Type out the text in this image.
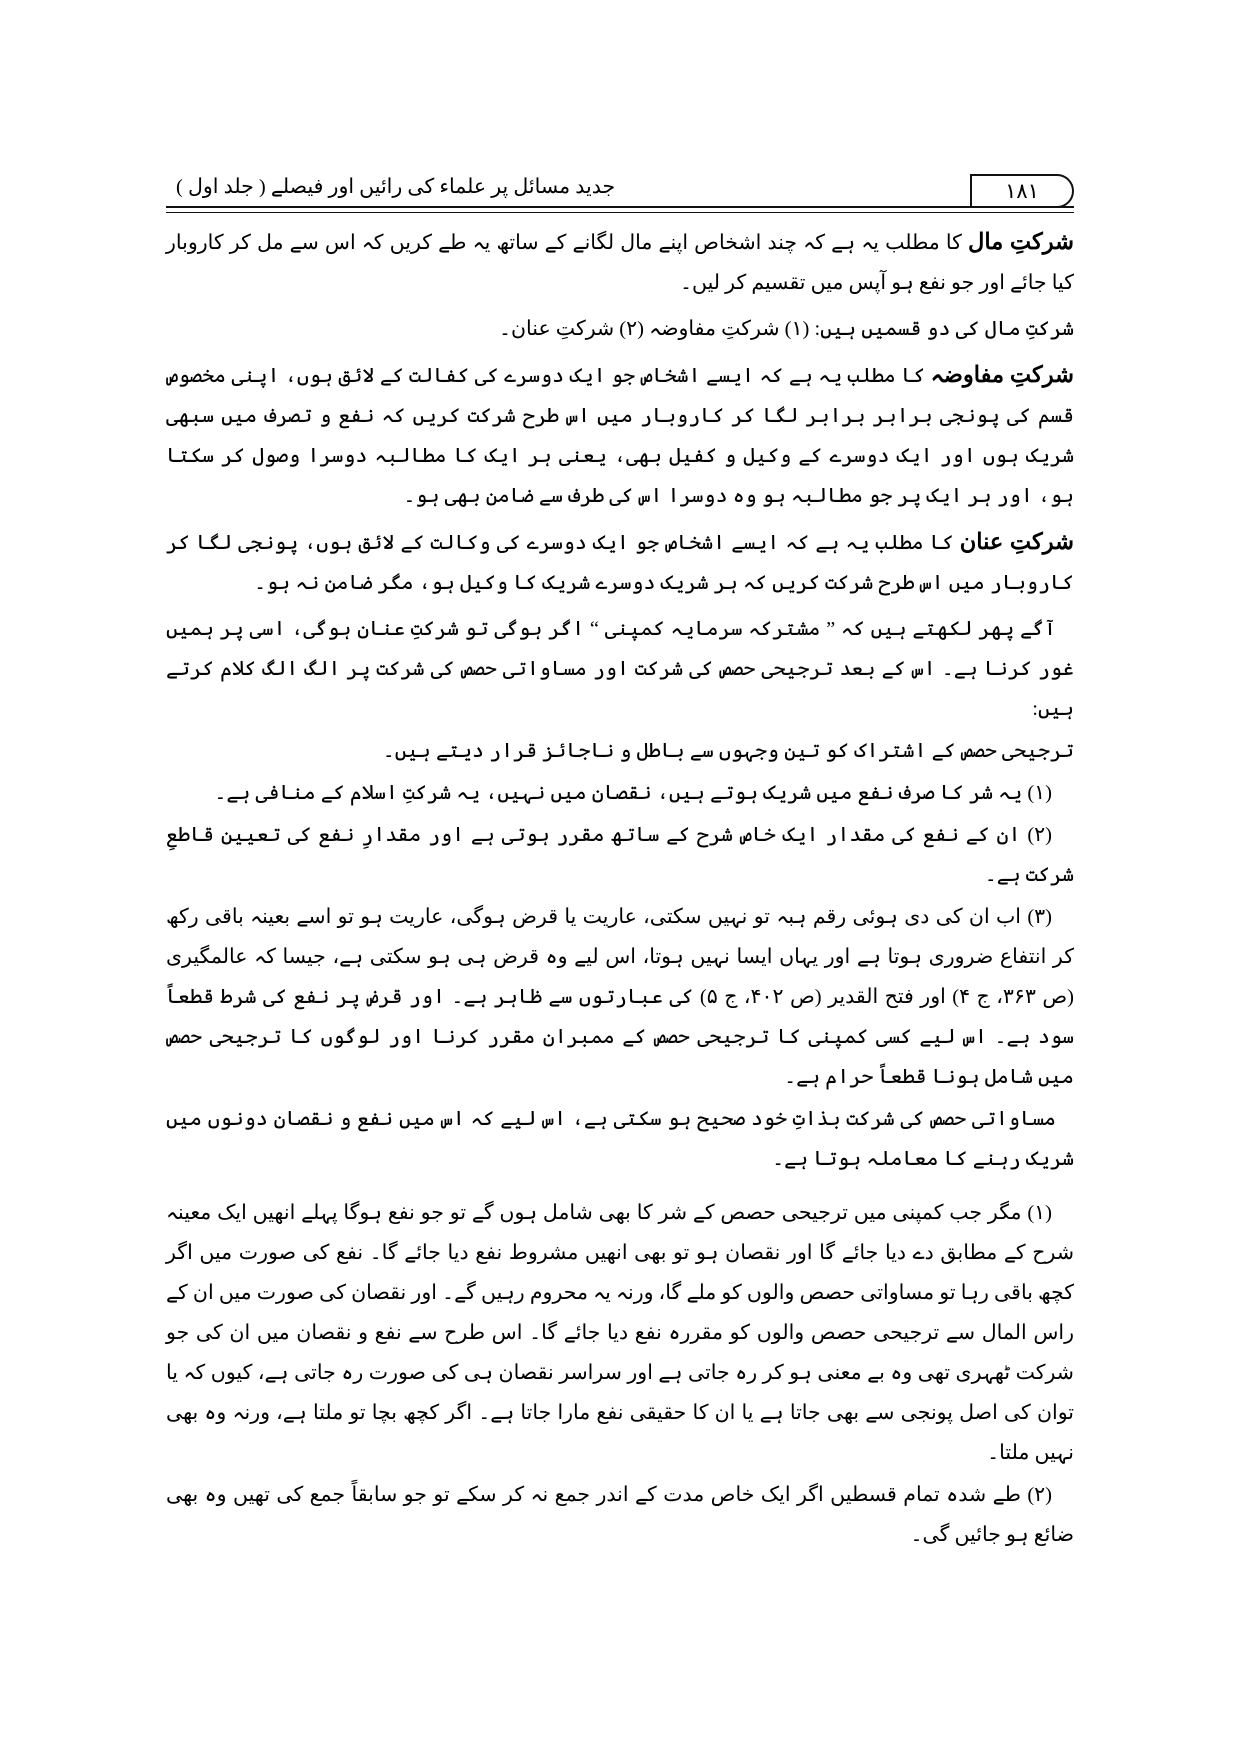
۱۸۱
جدید مسائل پر علماء کی رائیں اور فیصلے ( جلد اول )

شرکتِ مال کا مطلب یہ ہے کہ چند اشخاص اپنے مال لگانے کے ساتھ یہ طے کریں کہ اس سے مل کر کاروبار کیا جائے اور جو نفع ہو آپس میں تقسیم کر لیں۔

شرکتِ مال کی دو قسمیں ہیں: (۱) شرکتِ مفاوضہ (۲) شرکتِ عنان۔

شرکتِ مفاوضہ کا مطلب یہ ہے کہ ایسے اشخاص جو ایک دوسرے کی کفالت کے لائق ہوں، اپنی مخصوص قسم کی پونجی برابر برابر لگا کر کاروبار میں اس طرح شرکت کریں کہ نفع و تصرف میں سبھی شریک ہوں اور ایک دوسرے کے وکیل و کفیل بھی، یعنی ہر ایک کا مطالبہ دوسرا وصول کر سکتا ہو، اور ہر ایک پر جو مطالبہ ہو وہ دوسرا اس کی طرف سے ضامن بھی ہو۔

شرکتِ عنان کا مطلب یہ ہے کہ ایسے اشخاص جو ایک دوسرے کی وکالت کے لائق ہوں، پونجی لگا کر کاروبار میں اس طرح شرکت کریں کہ ہر شریک دوسرے شریک کا وکیل ہو، مگر ضامن نہ ہو۔

آگے پھر لکھتے ہیں کہ ” مشترکہ سرمایہ کمپنی “ اگر ہوگی تو شرکتِ عنان ہوگی، اسی پر ہمیں غور کرنا ہے۔ اس کے بعد ترجیحی حصص کی شرکت اور مساواتی حصص کی شرکت پر الگ الگ کلام کرتے ہیں:

ترجیحی حصص کے اشتراک کو تین وجہوں سے باطل و ناجائز قرار دیتے ہیں۔

(۱) یہ شر کا صرف نفع میں شریک ہوتے ہیں، نقصان میں نہیں، یہ شرکتِ اسلام کے منافی ہے۔

(۲) ان کے نفع کی مقدار ایک خاص شرح کے ساتھ مقرر ہوتی ہے اور مقدارِ نفع کی تعیین قاطعِ شرکت ہے۔

(۳) اب ان کی دی ہوئی رقم ہبہ تو نہیں سکتی، عاریت یا قرض ہوگی، عاریت ہو تو اسے بعینہ باقی رکھ کر انتفاع ضروری ہوتا ہے اور یہاں ایسا نہیں ہوتا، اس لیے وہ قرض ہی ہو سکتی ہے، جیسا کہ عالمگیری (ص ۳۶۳، ج ۴) اور فتح القدیر (ص ۴۰۲، ج ۵) کی عبارتوں سے ظاہر ہے۔ اور قرض پر نفع کی شرط قطعاً سود ہے۔ اس لیے کسی کمپنی کا ترجیحی حصص کے ممبران مقرر کرنا اور لوگوں کا ترجیحی حصص میں شامل ہونا قطعاً حرام ہے۔

مساواتی حصص کی شرکت بذاتِ خود صحیح ہو سکتی ہے، اس لیے کہ اس میں نفع و نقصان دونوں میں شریک رہنے کا معاملہ ہوتا ہے۔

(۱) مگر جب کمپنی میں ترجیحی حصص کے شر کا بھی شامل ہوں گے تو جو نفع ہوگا پہلے انھیں ایک معینہ شرح کے مطابق دے دیا جائے گا اور نقصان ہو تو بھی انھیں مشروط نفع دیا جائے گا۔ نفع کی صورت میں اگر کچھ باقی رہا تو مساواتی حصص والوں کو ملے گا، ورنہ یہ محروم رہیں گے۔ اور نقصان کی صورت میں ان کے راس المال سے ترجیحی حصص والوں کو مقررہ نفع دیا جائے گا۔ اس طرح سے نفع و نقصان میں ان کی جو شرکت ٹھہری تھی وہ بے معنی ہو کر رہ جاتی ہے اور سراسر نقصان ہی کی صورت رہ جاتی ہے، کیوں کہ یا توان کی اصل پونجی سے بھی جاتا ہے یا ان کا حقیقی نفع مارا جاتا ہے۔ اگر کچھ بچا تو ملتا ہے، ورنہ وہ بھی نہیں ملتا۔

(۲) طے شدہ تمام قسطیں اگر ایک خاص مدت کے اندر جمع نہ کر سکے تو جو سابقاً جمع کی تھیں وہ بھی ضائع ہو جائیں گی۔
